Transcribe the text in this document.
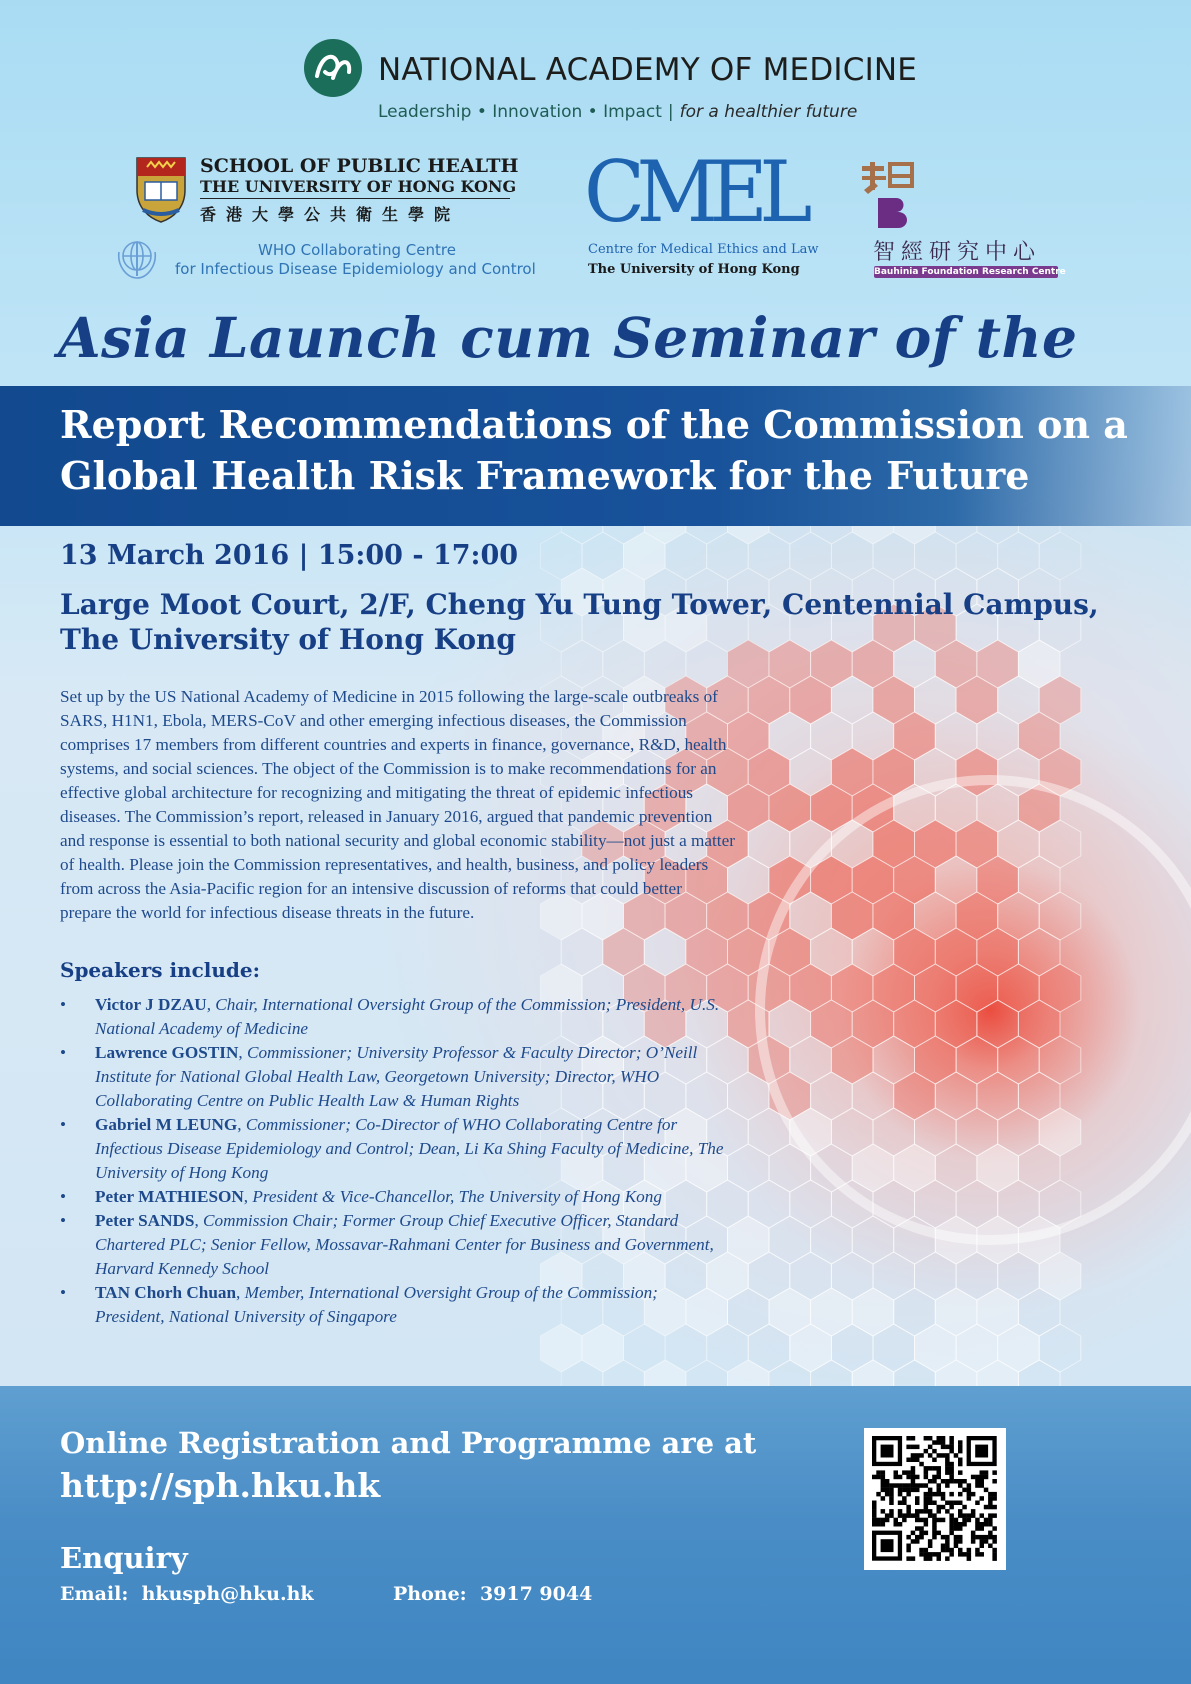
NATIONAL ACADEMY OF MEDICINE
Leadership • Innovation • Impact | for a healthier future
SCHOOL OF PUBLIC HEALTH
THE UNIVERSITY OF HONG KONG
香港大學公共衛生學院
WHO Collaborating Centre
for Infectious Disease Epidemiology and Control
CMEL
Centre for Medical Ethics and Law
The University of Hong Kong
智經研究中心
Bauhinia Foundation Research Centre
Asia Launch cum Seminar of the
Report Recommendations of the Commission on a
Global Health Risk Framework for the Future
13 March 2016 | 15:00 - 17:00
Large Moot Court, 2/F, Cheng Yu Tung Tower, Centennial Campus,
The University of Hong Kong
Set up by the US National Academy of Medicine in 2015 following the large-scale outbreaks of
SARS, H1N1, Ebola, MERS-CoV and other emerging infectious diseases, the Commission
comprises 17 members from different countries and experts in finance, governance, R&D, health
systems, and social sciences. The object of the Commission is to make recommendations for an
effective global architecture for recognizing and mitigating the threat of epidemic infectious
diseases. The Commission’s report, released in January 2016, argued that pandemic prevention
and response is essential to both national security and global economic stability—not just a matter
of health. Please join the Commission representatives, and health, business, and policy leaders
from across the Asia-Pacific region for an intensive discussion of reforms that could better
prepare the world for infectious disease threats in the future.
Speakers include:
• Victor J DZAU, Chair, International Oversight Group of the Commission; President, U.S.
National Academy of Medicine
• Lawrence GOSTIN, Commissioner; University Professor & Faculty Director; O’Neill
Institute for National Global Health Law, Georgetown University; Director, WHO
Collaborating Centre on Public Health Law & Human Rights
• Gabriel M LEUNG, Commissioner; Co-Director of WHO Collaborating Centre for
Infectious Disease Epidemiology and Control; Dean, Li Ka Shing Faculty of Medicine, The
University of Hong Kong
• Peter MATHIESON, President & Vice-Chancellor, The University of Hong Kong
• Peter SANDS, Commission Chair; Former Group Chief Executive Officer, Standard
Chartered PLC; Senior Fellow, Mossavar-Rahmani Center for Business and Government,
Harvard Kennedy School
• TAN Chorh Chuan, Member, International Oversight Group of the Commission;
President, National University of Singapore
Online Registration and Programme are at
http://sph.hku.hk
Enquiry
Email: hkusph@hku.hk	Phone: 3917 9044
